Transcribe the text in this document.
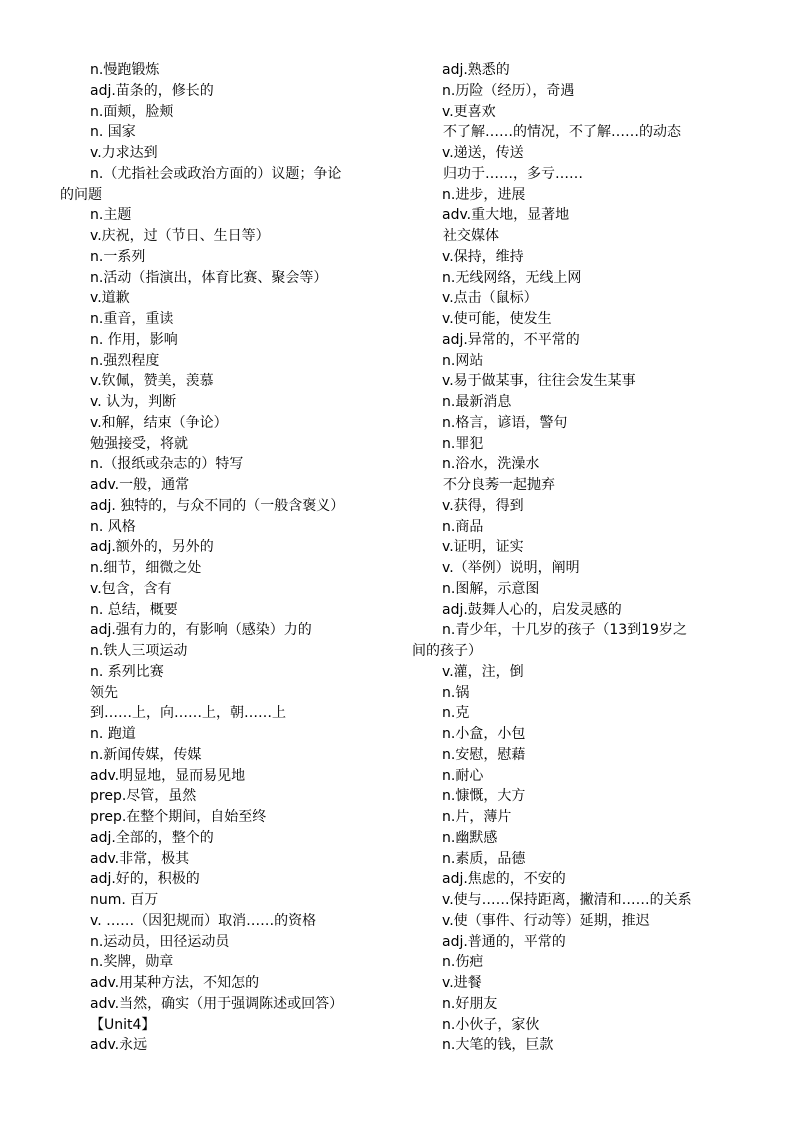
n.慢跑锻炼
adj.苗条的，修长的
n.面颊，脸颊
n. 国家
v.力求达到
n.（尤指社会或政治方面的）议题；争论
的问题
n.主题
v.庆祝，过（节日、生日等）
n.一系列
n.活动（指演出，体育比赛、聚会等）
v.道歉
n.重音，重读
n. 作用，影响
n.强烈程度
v.钦佩，赞美，羡慕
v. 认为，判断
v.和解，结束（争论）
勉强接受，将就
n.（报纸或杂志的）特写
adv.一般，通常
adj. 独特的，与众不同的（一般含褒义）
n. 风格
adj.额外的，另外的
n.细节，细微之处
v.包含，含有
n. 总结，概要
adj.强有力的，有影响（感染）力的
n.铁人三项运动
n. 系列比赛
领先
到……上，向……上，朝……上
n. 跑道
n.新闻传媒，传媒
adv.明显地，显而易见地
prep.尽管，虽然
prep.在整个期间，自始至终
adj.全部的，整个的
adv.非常，极其
adj.好的，积极的
num. 百万
v. ……（因犯规而）取消……的资格
n.运动员，田径运动员
n.奖牌，勋章
adv.用某种方法，不知怎的
adv.当然，确实（用于强调陈述或回答）
【Unit4】
adv.永远
adj.熟悉的
n.历险（经历），奇遇
v.更喜欢
不了解……的情况，不了解……的动态
v.递送，传送
归功于……，多亏……
n.进步，进展
adv.重大地，显著地
社交媒体
v.保持，维持
n.无线网络，无线上网
v.点击（鼠标）
v.使可能，使发生
adj.异常的，不平常的
n.网站
v.易于做某事，往往会发生某事
n.最新消息
n.格言，谚语，警句
n.罪犯
n.浴水，洗澡水
不分良莠一起抛弃
v.获得，得到
n.商品
v.证明，证实
v.（举例）说明，阐明
n.图解，示意图
adj.鼓舞人心的，启发灵感的
n.青少年，十几岁的孩子（13到19岁之
间的孩子）
v.灌，注，倒
n.锅
n.克
n.小盒，小包
n.安慰，慰藉
n.耐心
n.慷慨，大方
n.片，薄片
n.幽默感
n.素质，品德
adj.焦虑的，不安的
v.使与……保持距离，撇清和……的关系
v.使（事件、行动等）延期，推迟
adj.普通的，平常的
n.伤疤
v.进餐
n.好朋友
n.小伙子，家伙
n.大笔的钱，巨款
